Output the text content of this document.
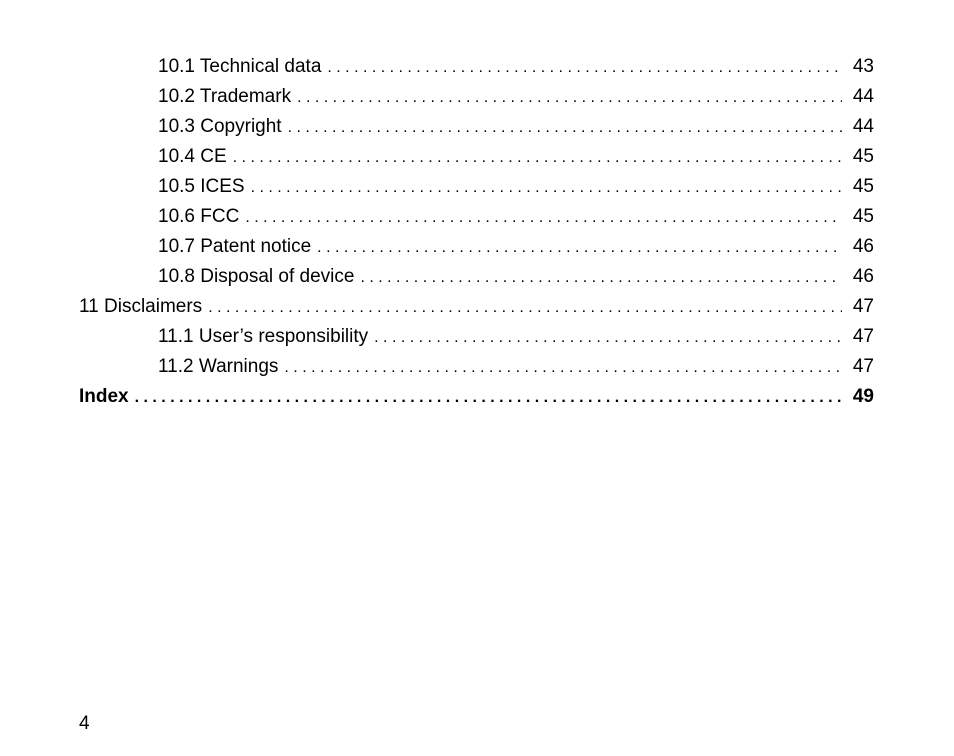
10.1 Technical data . . .	43
10.2 Trademark . . .	44
10.3 Copyright . . .	44
10.4 CE . . .	45
10.5 ICES . . .	45
10.6 FCC . . .	45
10.7 Patent notice . . .	46
10.8 Disposal of device . . .	46
11 Disclaimers . . .	47
11.1 User’s responsibility . . .	47
11.2 Warnings . . .	47
Index . . .	49
4
